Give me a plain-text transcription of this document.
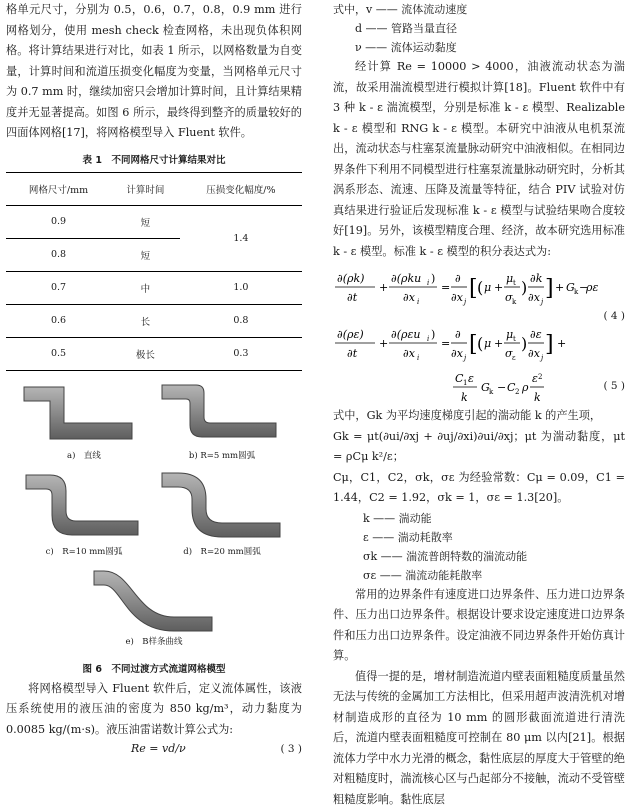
格单元尺寸，分别为 0.5，0.6，0.7，0.8，0.9 mm 进行网格划分，使用 mesh check 检查网格，未出现负体积网格。将计算结果进行对比，如表 1 所示，以网格数量为自变量，计算时间和流道压损变化幅度为变量，当网格单元尺寸为 0.7 mm 时，继续加密只会增加计算时间，且计算结果精度并无显著提高。如图 6 所示，最终得到整齐的质量较好的四面体网格[17]，将网格模型导入 Fluent 软件。

表 1　不同网格尺寸计算结果对比
网格尺寸/mm	计算时间	压损变化幅度/%
0.9	短	1.4
0.8	短	
0.7	中	1.0
0.6	长	0.8
0.5	极长	0.3
a)　直线	b) R=5 mm圆弧
c)　R=10 mm圆弧	d)　R=20 mm圆弧
e)　B样条曲线
图 6　不同过渡方式流道网格模型

将网格模型导入 Fluent 软件后，定义流体属性，该液压系统使用的液压油的密度为 850 kg/m³，动力黏度为 0.0085 kg/(m·s)。液压油雷诺数计算公式为:

Re = vd/ν	( 3 )
式中，v —— 流体流动速度
d —— 管路当量直径
ν —— 流体运动黏度

经计算 Re = 10000 > 4000，油液流动状态为湍流，故采用湍流模型进行模拟计算[18]。Fluent 软件中有 3 种 k - ε 湍流模型，分别是标准 k - ε 模型、Realizable k - ε 模型和 RNG k - ε 模型。本研究中油液从电机泵流出，流动状态与柱塞泵流量脉动研究中油液相似。在相同边界条件下利用不同模型进行柱塞泵流量脉动研究时，分析其涡系形态、流速、压降及流量等特征，结合 PIV 试验对仿真结果进行验证后发现标准 k - ε 模型与试验结果吻合度较好[19]。另外，该模型精度合理、经济，故本研究选用标准 k - ε 模型。标准 k - ε 模型的积分表达式为:

∂(ρk)
∂t
+
∂(ρku i )
∂x i
=
∂
∂x j
[ ( μ +
μ t
σ k
) ∂k
∂x j
] + G k −
ρε
( 4 )
∂(ρε)
∂t
+
∂(ρεu i )
∂x i
=
∂
∂x j
[ ( μ +
μ t
σ ε
) ∂ε
∂x j
] +
C 1 ε
k
G k − C 2 ρ
ε 2
k
( 5 )

式中，Gk 为平均速度梯度引起的湍动能 k 的产生项，

Gk = μt(∂ui/∂xj + ∂uj/∂xi)∂ui/∂xj；μt 为湍动黏度，μt = ρCμ k²/ε；

Cμ，C1，C2，σk，σε 为经验常数：Cμ = 0.09，C1 = 1.44，C2 = 1.92，σk = 1，σε = 1.3[20]。

k —— 湍动能
ε —— 湍动耗散率
σk —— 湍流普朗特数的湍流动能
σε —— 湍流动能耗散率

常用的边界条件有速度进口边界条件、压力进口边界条件、压力出口边界条件。根据设计要求设定速度进口边界条件和压力出口边界条件。设定油液不同边界条件开始仿真计算。

值得一提的是，增材制造流道内壁表面粗糙度质量虽然无法与传统的金属加工方法相比，但采用超声波清洗机对增材制造成形的直径为 10 mm 的圆形截面流道进行清洗后，流道内壁表面粗糙度可控制在 80 μm 以内[21]。根据流体力学中水力光滑的概念，黏性底层的厚度大于管壁的绝对粗糙度时，湍流核心区与凸起部分不接触，流动不受管壁粗糙度影响。黏性底层
